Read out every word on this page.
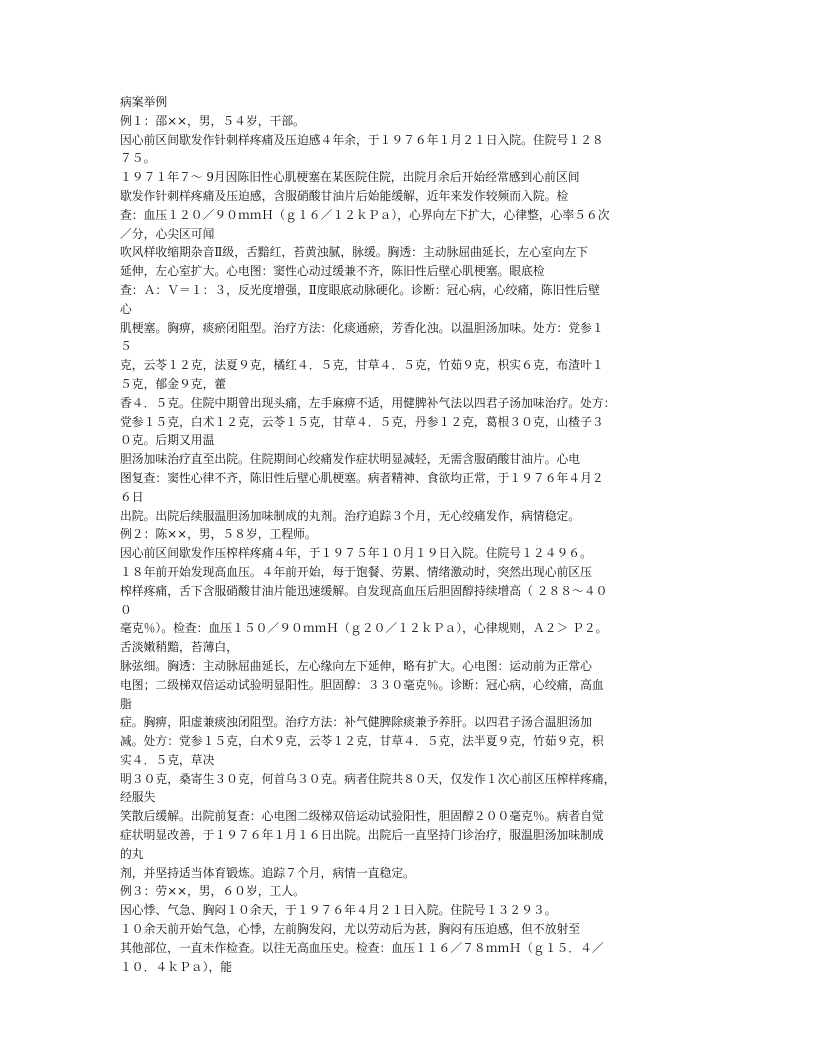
病案举例
例１：邵××，男，５４岁，干部。
因心前区间歇发作针刺样疼痛及压迫感４年余，于１９７６年１月２１日入院。住院号１２８
７５。
１９７１年７～ 9月因陈旧性心肌梗塞在某医院住院，出院月余后开始经常感到心前区间
歇发作针刺样疼痛及压迫感，含服硝酸甘油片后始能缓解，近年来发作较频而入院。检
查：血压１２０／９０ｍｍＨ（ｇ１６／１２ｋＰａ），心界向左下扩大，心律整，心率５６次
／分，心尖区可闻
吹风样收缩期杂音Ⅱ级，舌黯红，苔黄浊腻，脉缓。胸透：主动脉屈曲延长，左心室向左下
延伸，左心室扩大。心电图：窦性心动过缓兼不齐，陈旧性后壁心肌梗塞。眼底检
查：Ａ：Ｖ＝１：３，反光度增强，Ⅱ度眼底动脉硬化。诊断：冠心病，心绞痛，陈旧性后壁
心
肌梗塞。胸痹，痰瘀闭阻型。治疗方法：化痰通瘀，芳香化浊。以温胆汤加味。处方：党参１
５
克，云苓１２克，法夏９克，橘红４．５克，甘草４．５克，竹茹９克，枳实６克，布渣叶１
５克，郁金９克，藿
香４．５克。住院中期曾出现头痛，左手麻痹不适，用健脾补气法以四君子汤加味治疗。处方：
党参１５克，白术１２克，云苓１５克，甘草４．５克，丹参１２克，葛根３０克，山楂子３
０克。后期又用温
胆汤加味治疗直至出院。住院期间心绞痛发作症状明显减轻，无需含服硝酸甘油片。心电
图复查：窦性心律不齐，陈旧性后壁心肌梗塞。病者精神、食欲均正常，于１９７６年４月２
６日
出院。出院后续服温胆汤加味制成的丸剂。治疗追踪３个月，无心绞痛发作，病情稳定。
例２：陈××，男，５８岁，工程师。
因心前区间歇发作压榨样疼痛４年，于１９７５年１０月１９日入院。住院号１２４９６。
１８年前开始发现高血压。４年前开始，每于饱餐、劳累、情绪激动时，突然出现心前区压
榨样疼痛，舌下含服硝酸甘油片能迅速缓解。自发现高血压后胆固醇持续增高（ ２８８～４０
０
毫克％）。检查：血压１５０／９０ｍｍＨ（ｇ２０／１２ｋＰａ），心律规则，Ａ２＞ Ｐ２。
舌淡嫩稍黯，苔薄白，
脉弦细。胸透：主动脉屈曲延长，左心缘向左下延伸，略有扩大。心电图：运动前为正常心
电图；二级梯双倍运动试验明显阳性。胆固醇：３３０毫克％。诊断：冠心病，心绞痛，高血
脂
症。胸痹，阳虚兼痰浊闭阻型。治疗方法：补气健脾除痰兼予养肝。以四君子汤合温胆汤加
减。处方：党参１５克，白术９克，云苓１２克，甘草４．５克，法半夏９克，竹茹９克，枳
实４．５克，草决
明３０克，桑寄生３０克，何首乌３０克。病者住院共８０天，仅发作１次心前区压榨样疼痛，
经服失
笑散后缓解。出院前复查：心电图二级梯双倍运动试验阳性，胆固醇２００毫克％。病者自觉
症状明显改善，于１９７６年１月１６日出院。出院后一直坚持门诊治疗，服温胆汤加味制成
的丸
剂，并坚持适当体育锻炼。追踪７个月，病情一直稳定。
例３：劳××，男，６０岁，工人。
因心悸、气急、胸闷１０余天，于１９７６年４月２１日入院。住院号１３２９３。
１０余天前开始气急，心悸，左前胸发闷，尤以劳动后为甚，胸闷有压迫感，但不放射至
其他部位，一直未作检查。以往无高血压史。检查：血压１１６／７８ｍｍＨ（ｇ１５．４／
１０．４ｋＰａ），能
